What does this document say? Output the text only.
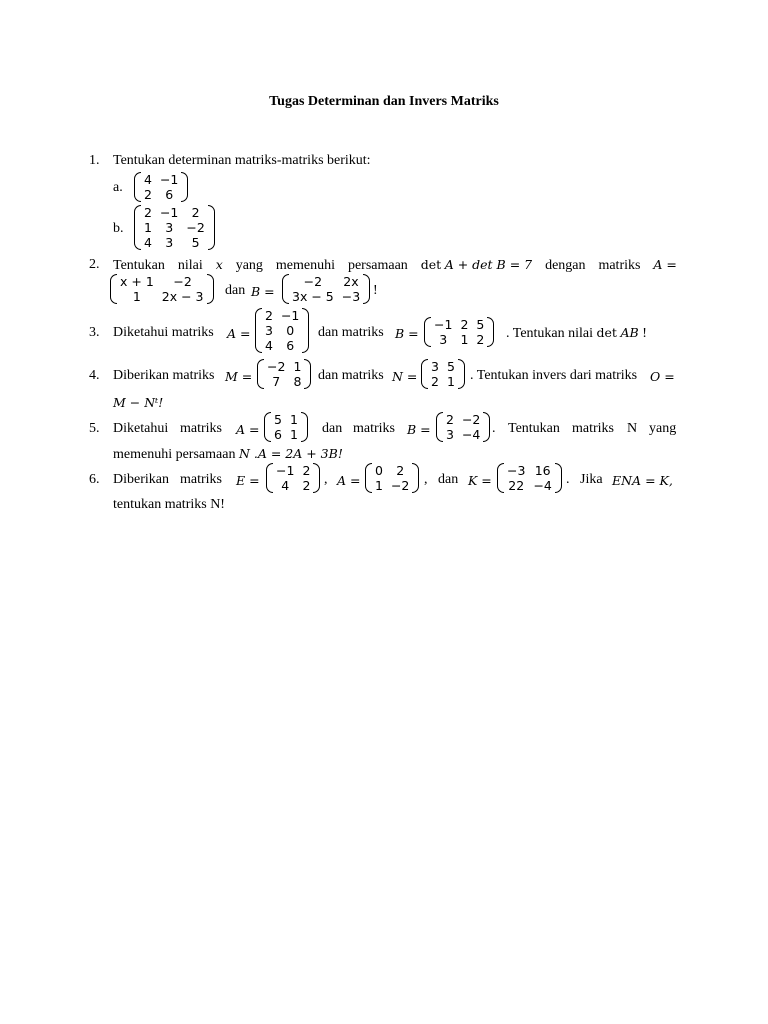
Tugas Determinan dan Invers Matriks
1. Tentukan determinan matriks-matriks berikut:
a.
4	−1
2	6
b.
2	−1	2
1	3	−2
4	3	5
2. Tentukan nilai x yang memenuhi persamaan det A + det B = 7 dengan matriks A =
x + 1	−2
1	2x − 3 dan B =
−2	2x
3x − 5	−3 !
3. Diketahui matriks A =
2	−1
3	0
4	6
dan matriks B =
−1	2	5
3	1	2 . Tentukan nilai det AB !
4. Diberikan matriks M =
−2	1
7	8 dan matriks N =
3	5
2	1 . Tentukan invers dari matriks O =
M − Nᵗ!
5. Diketahui matriks A =
5	1
6	1 dan matriks B =
2	−2
3	−4 . Tentukan matriks N yang
memenuhi persamaan N .A = 2A + 3B!
6. Diberikan matriks E =
−1	2
4	2 , A =
0	2
1	−2 , dan K =
−3	16
22	−4 . Jika ENA = K,
tentukan matriks N!
